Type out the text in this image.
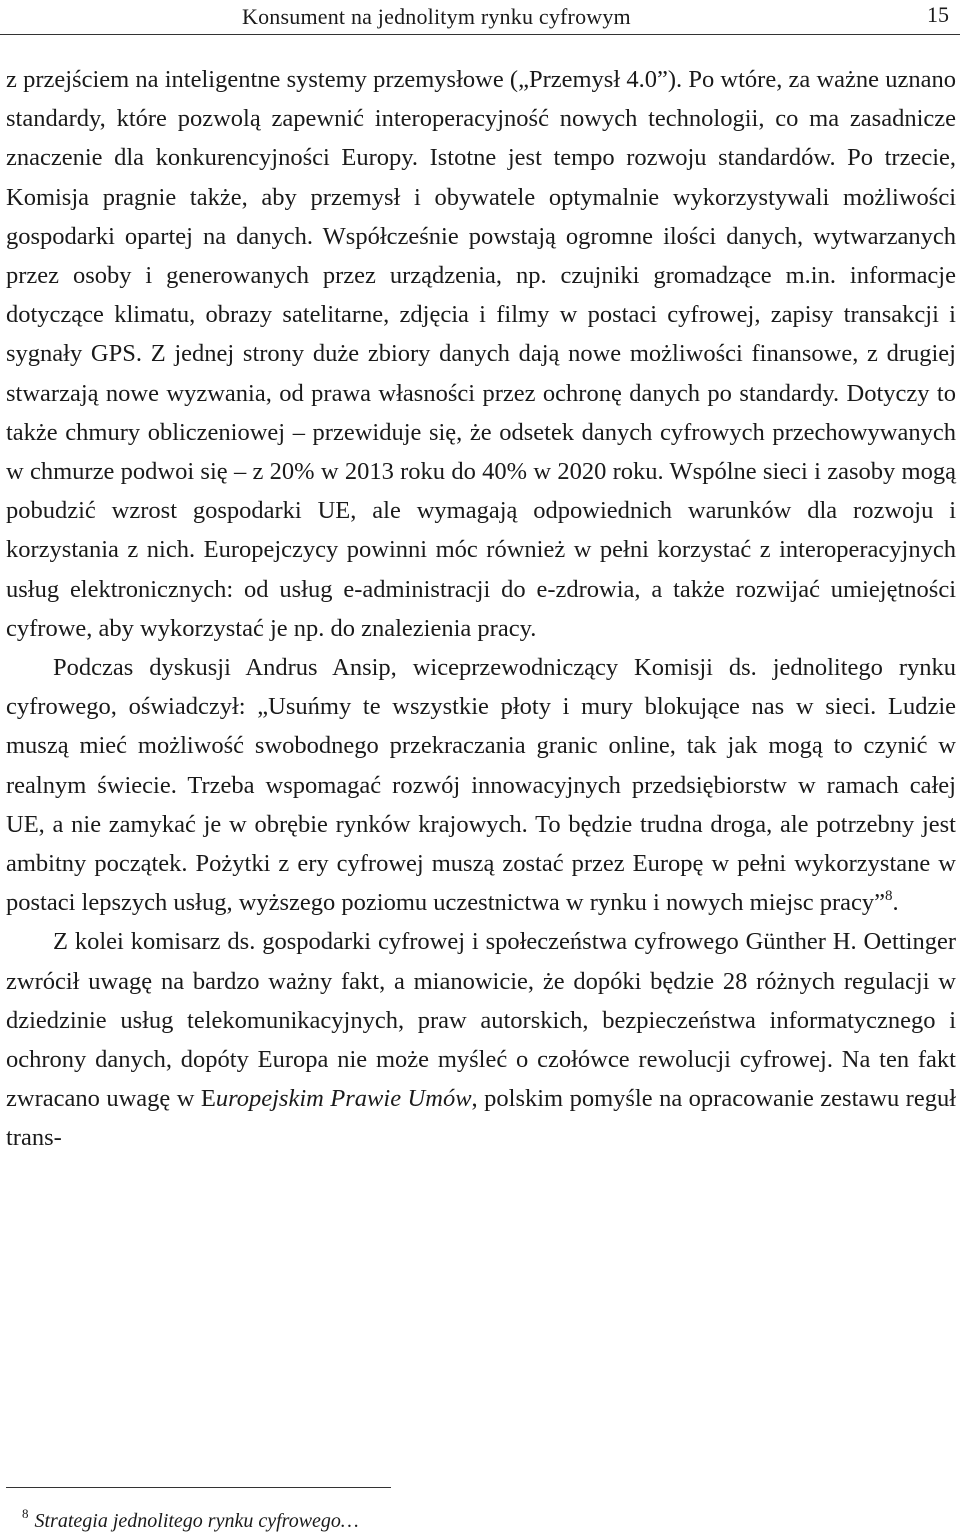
Konsument na jednolitym rynku cyfrowym	15

z przejściem na inteligentne systemy przemysłowe („Przemysł 4.0”). Po wtóre, za ważne uznano standardy, które pozwolą zapewnić interoperacyjność nowych technologii, co ma zasadnicze znaczenie dla konkurencyjności Europy. Istotne jest tempo rozwoju standardów. Po trzecie, Komisja pragnie także, aby przemysł i obywatele optymalnie wykorzystywali możliwości gospodarki opartej na danych. Współcześnie powstają ogromne ilości danych, wytwarzanych przez osoby i generowanych przez urządzenia, np. czujniki gromadzące m.in. informacje dotyczące klimatu, obrazy satelitarne, zdjęcia i filmy w postaci cyfrowej, zapisy transakcji i sygnały GPS. Z jednej strony duże zbiory danych dają nowe możliwości finansowe, z drugiej stwarzają nowe wyzwania, od prawa własności przez ochronę danych po standardy. Dotyczy to także chmury obliczeniowej – przewiduje się, że odsetek danych cyfrowych przechowywanych w chmurze podwoi się – z 20% w 2013 roku do 40% w 2020 roku. Wspólne sieci i zasoby mogą pobudzić wzrost gospodarki UE, ale wymagają odpowiednich warunków dla rozwoju i korzystania z nich. Europejczycy powinni móc również w pełni korzystać z interoperacyjnych usług elektronicznych: od usług e-administracji do e-zdrowia, a także rozwijać umiejętności cyfrowe, aby wykorzystać je np. do znalezienia pracy.

Podczas dyskusji Andrus Ansip, wiceprzewodniczący Komisji ds. jednolitego rynku cyfrowego, oświadczył: „Usuńmy te wszystkie płoty i mury blokujące nas w sieci. Ludzie muszą mieć możliwość swobodnego przekraczania granic online, tak jak mogą to czynić w realnym świecie. Trzeba wspomagać rozwój innowacyjnych przedsiębiorstw w ramach całej UE, a nie zamykać je w obrębie rynków krajowych. To będzie trudna droga, ale potrzebny jest ambitny początek. Pożytki z ery cyfrowej muszą zostać przez Europę w pełni wykorzystane w postaci lepszych usług, wyższego poziomu uczestnictwa w rynku i nowych miejsc pracy”$^8$.

Z kolei komisarz ds. gospodarki cyfrowej i społeczeństwa cyfrowego Günther H. Oettinger zwrócił uwagę na bardzo ważny fakt, a mianowicie, że dopóki będzie 28 różnych regulacji w dziedzinie usług telekomunikacyjnych, praw autorskich, bezpieczeństwa informatycznego i ochrony danych, dopóty Europa nie może myśleć o czołówce rewolucji cyfrowej. Na ten fakt zwracano uwagę w Europejskim Prawie Umów, polskim pomyśle na opracowanie zestawu reguł trans-

$^8$ Strategia jednolitego rynku cyfrowego…
